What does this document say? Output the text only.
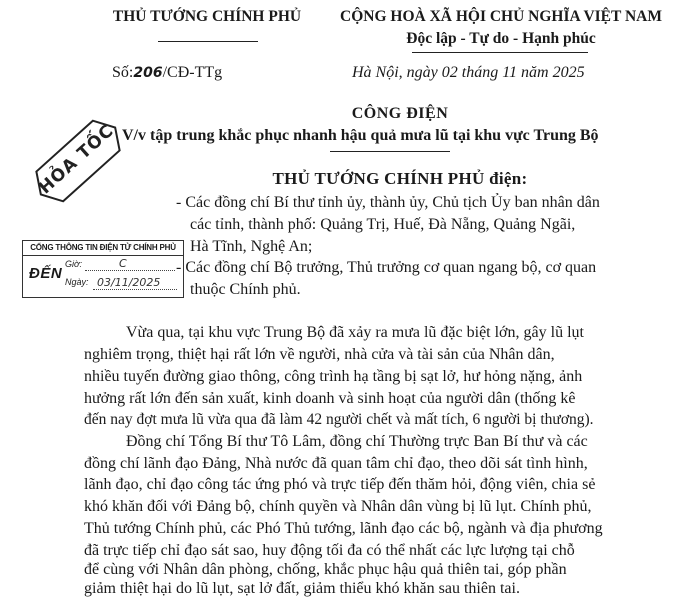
THỦ TƯỚNG CHÍNH PHỦ	CỘNG HOÀ XÃ HỘI CHỦ NGHĨA VIỆT NAM
Độc lập - Tự do - Hạnh phúc
Số:206/CĐ-TTg	Hà Nội, ngày 02 tháng 11 năm 2025
CÔNG ĐIỆN
V/v tập trung khắc phục nhanh hậu quả mưa lũ tại khu vực Trung Bộ
THỦ TƯỚNG CHÍNH PHỦ điện:
HỎA TỐC
- Các đồng chí Bí thư tỉnh ủy, thành ủy, Chủ tịch Ủy ban nhân dân
các tỉnh, thành phố: Quảng Trị, Huế, Đà Nẵng, Quảng Ngãi,
Hà Tĩnh, Nghệ An;
- Các đồng chí Bộ trưởng, Thủ trưởng cơ quan ngang bộ, cơ quan
thuộc Chính phủ.
CỔNG THÔNG TIN ĐIỆN TỬ CHÍNH PHỦ
ĐẾN
Giờ:	C
Ngày: 03/11/2025
Vừa qua, tại khu vực Trung Bộ đã xảy ra mưa lũ đặc biệt lớn, gây lũ lụt
nghiêm trọng, thiệt hại rất lớn về người, nhà cửa và tài sản của Nhân dân,
nhiều tuyến đường giao thông, công trình hạ tầng bị sạt lở, hư hỏng nặng, ảnh
hưởng rất lớn đến sản xuất, kinh doanh và sinh hoạt của người dân (thống kê
đến nay đợt mưa lũ vừa qua đã làm 42 người chết và mất tích, 6 người bị thương).
Đồng chí Tổng Bí thư Tô Lâm, đồng chí Thường trực Ban Bí thư và các
đồng chí lãnh đạo Đảng, Nhà nước đã quan tâm chỉ đạo, theo dõi sát tình hình,
lãnh đạo, chỉ đạo công tác ứng phó và trực tiếp đến thăm hỏi, động viên, chia sẻ
khó khăn đối với Đảng bộ, chính quyền và Nhân dân vùng bị lũ lụt. Chính phủ,
Thủ tướng Chính phủ, các Phó Thủ tướng, lãnh đạo các bộ, ngành và địa phương
đã trực tiếp chỉ đạo sát sao, huy động tối đa có thể nhất các lực lượng tại chỗ
để cùng với Nhân dân phòng, chống, khắc phục hậu quả thiên tai, góp phần
giảm thiệt hại do lũ lụt, sạt lở đất, giảm thiểu khó khăn sau thiên tai.
